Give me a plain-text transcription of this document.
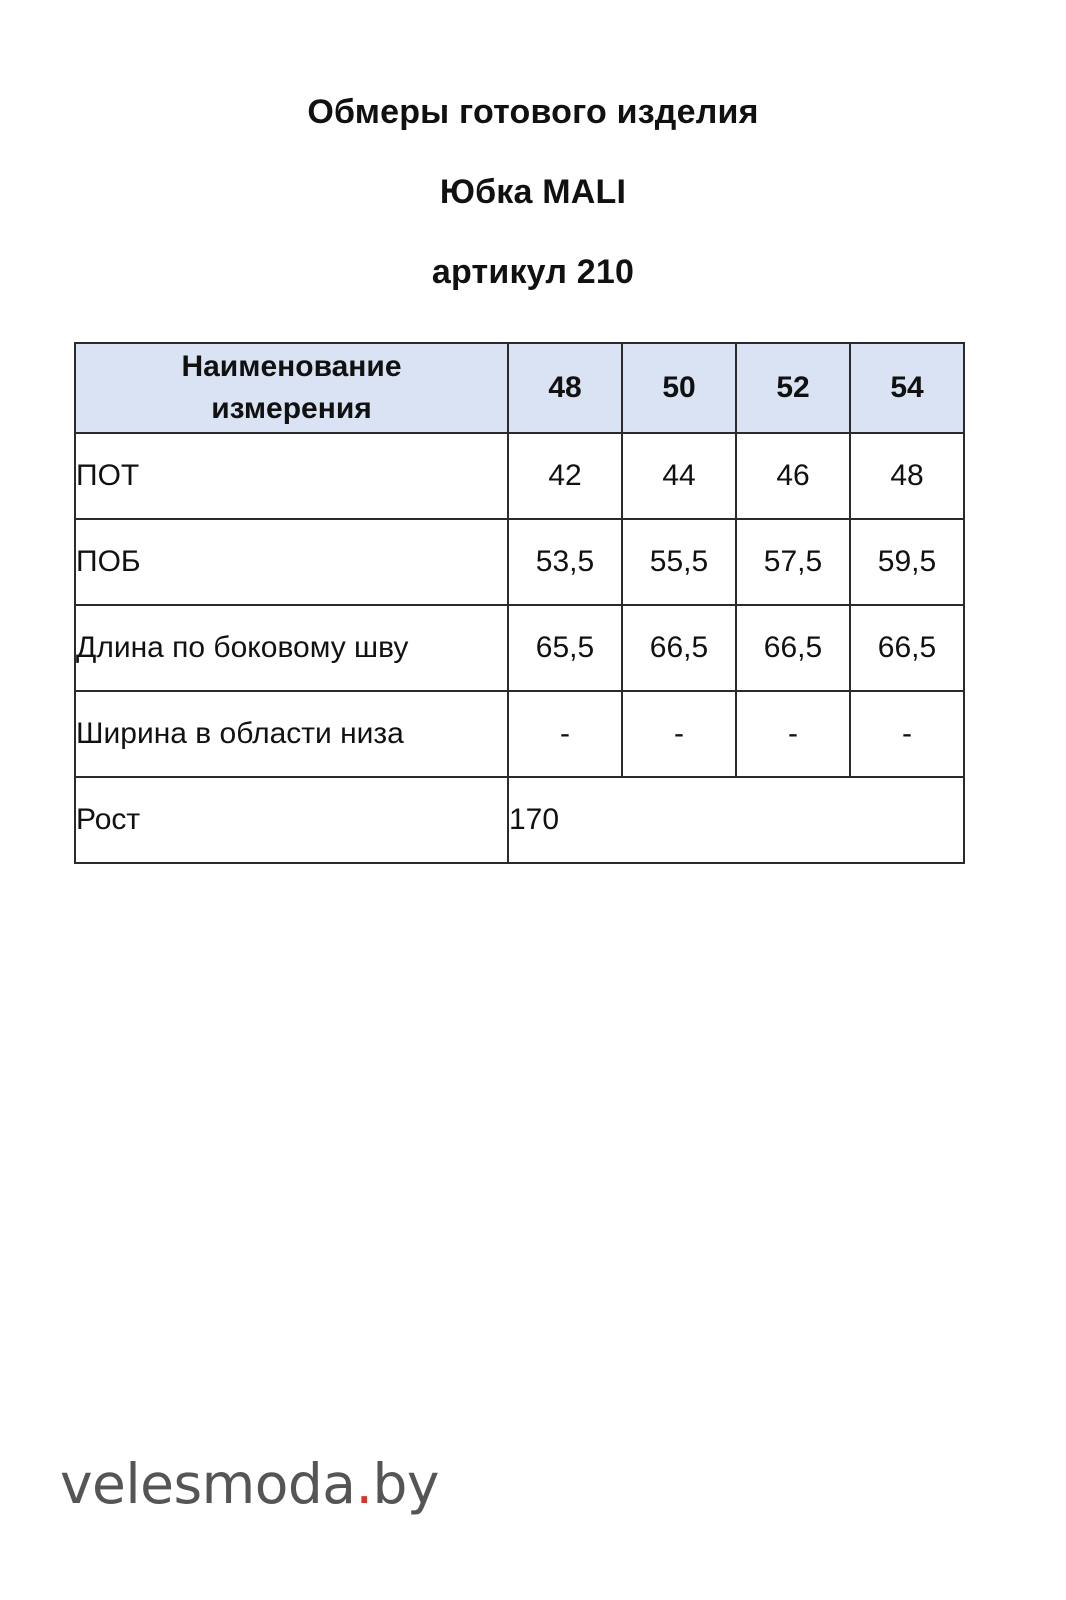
Обмеры готового изделия
Юбка MALI
артикул 210
Наименование
измерения	48	50	52	54
ПОТ	42	44	46	48
ПОБ	53,5	55,5	57,5	59,5
Длина по боковому шву	65,5	66,5	66,5	66,5
Ширина в области низа	-	-	-	-
Рост	170			
velesmoda.by
